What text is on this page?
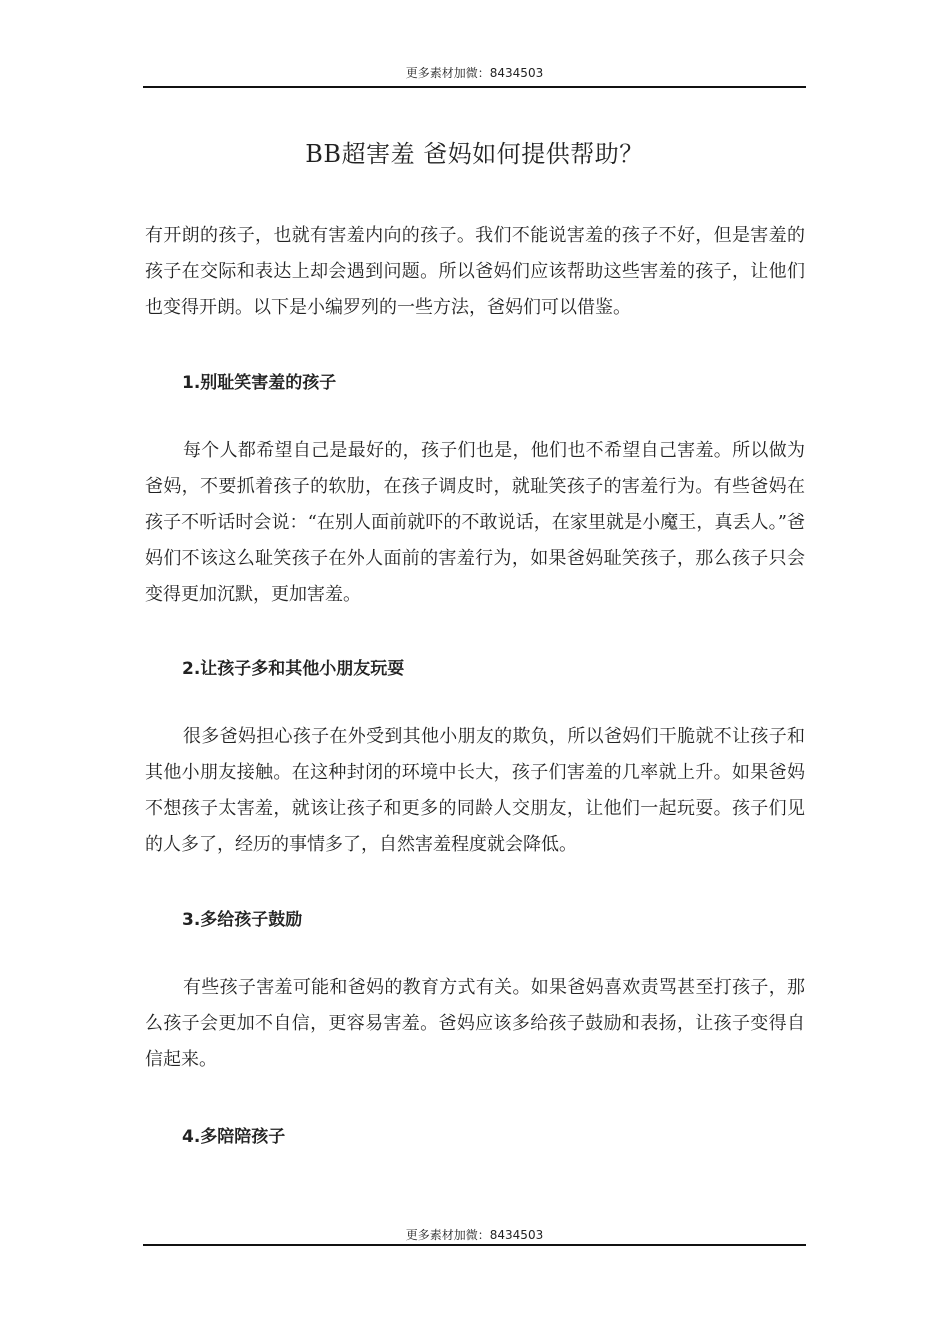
更多素材加微：8434503
BB超害羞 爸妈如何提供帮助？

有开朗的孩子，也就有害羞内向的孩子。我们不能说害羞的孩子不好，但是害羞的孩子在交际和表达上却会遇到问题。所以爸妈们应该帮助这些害羞的孩子，让他们也变得开朗。以下是小编罗列的一些方法，爸妈们可以借鉴。

1.别耻笑害羞的孩子

每个人都希望自己是最好的，孩子们也是，他们也不希望自己害羞。所以做为爸妈，不要抓着孩子的软肋，在孩子调皮时，就耻笑孩子的害羞行为。有些爸妈在孩子不听话时会说：“在别人面前就吓的不敢说话，在家里就是小魔王，真丢人。”爸妈们不该这么耻笑孩子在外人面前的害羞行为，如果爸妈耻笑孩子，那么孩子只会变得更加沉默，更加害羞。

2.让孩子多和其他小朋友玩耍

很多爸妈担心孩子在外受到其他小朋友的欺负，所以爸妈们干脆就不让孩子和其他小朋友接触。在这种封闭的环境中长大，孩子们害羞的几率就上升。如果爸妈不想孩子太害羞，就该让孩子和更多的同龄人交朋友，让他们一起玩耍。孩子们见的人多了，经历的事情多了，自然害羞程度就会降低。

3.多给孩子鼓励

有些孩子害羞可能和爸妈的教育方式有关。如果爸妈喜欢责骂甚至打孩子，那么孩子会更加不自信，更容易害羞。爸妈应该多给孩子鼓励和表扬，让孩子变得自信起来。

4.多陪陪孩子
更多素材加微：8434503
